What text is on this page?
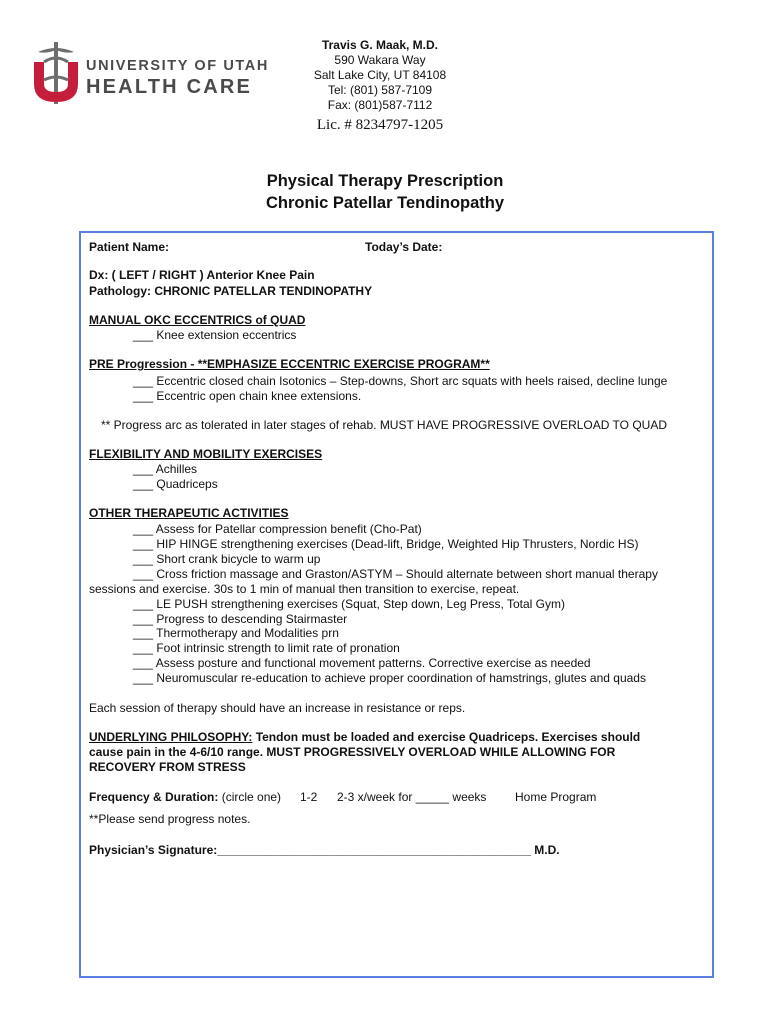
UNIVERSITY OF UTAH
HEALTH CARE
Travis G. Maak, M.D.
590 Wakara Way
Salt Lake City, UT 84108
Tel: (801) 587-7109
Fax: (801)587-7112
Lic. # 8234797-1205
Physical Therapy Prescription
Chronic Patellar Tendinopathy
Patient Name:	Today’s Date:
Dx: ( LEFT / RIGHT ) Anterior Knee Pain
Pathology: CHRONIC PATELLAR TENDINOPATHY
MANUAL OKC ECCENTRICS of QUAD
___ Knee extension eccentrics
PRE Progression - **EMPHASIZE ECCENTRIC EXERCISE PROGRAM**
___ Eccentric closed chain Isotonics – Step-downs, Short arc squats with heels raised, decline lunge
___ Eccentric open chain knee extensions.
** Progress arc as tolerated in later stages of rehab. MUST HAVE PROGRESSIVE OVERLOAD TO QUAD
FLEXIBILITY AND MOBILITY EXERCISES
___ Achilles
___ Quadriceps
OTHER THERAPEUTIC ACTIVITIES
___ Assess for Patellar compression benefit (Cho-Pat)
___ HIP HINGE strengthening exercises (Dead-lift, Bridge, Weighted Hip Thrusters, Nordic HS)
___ Short crank bicycle to warm up
___ Cross friction massage and Graston/ASTYM – Should alternate between short manual therapy
sessions and exercise. 30s to 1 min of manual then transition to exercise, repeat.
___ LE PUSH strengthening exercises (Squat, Step down, Leg Press, Total Gym)
___ Progress to descending Stairmaster
___ Thermotherapy and Modalities prn
___ Foot intrinsic strength to limit rate of pronation
___ Assess posture and functional movement patterns. Corrective exercise as needed
___ Neuromuscular re-education to achieve proper coordination of hamstrings, glutes and quads
Each session of therapy should have an increase in resistance or reps.
UNDERLYING PHILOSOPHY: Tendon must be loaded and exercise Quadriceps. Exercises should
cause pain in the 4-6/10 range. MUST PROGRESSIVELY OVERLOAD WHILE ALLOWING FOR
RECOVERY FROM STRESS
Frequency & Duration: (circle one) 1-2 2-3 x/week for _____ weeks Home Program
**Please send progress notes.
Physician’s Signature:_______________________________________________ M.D.
